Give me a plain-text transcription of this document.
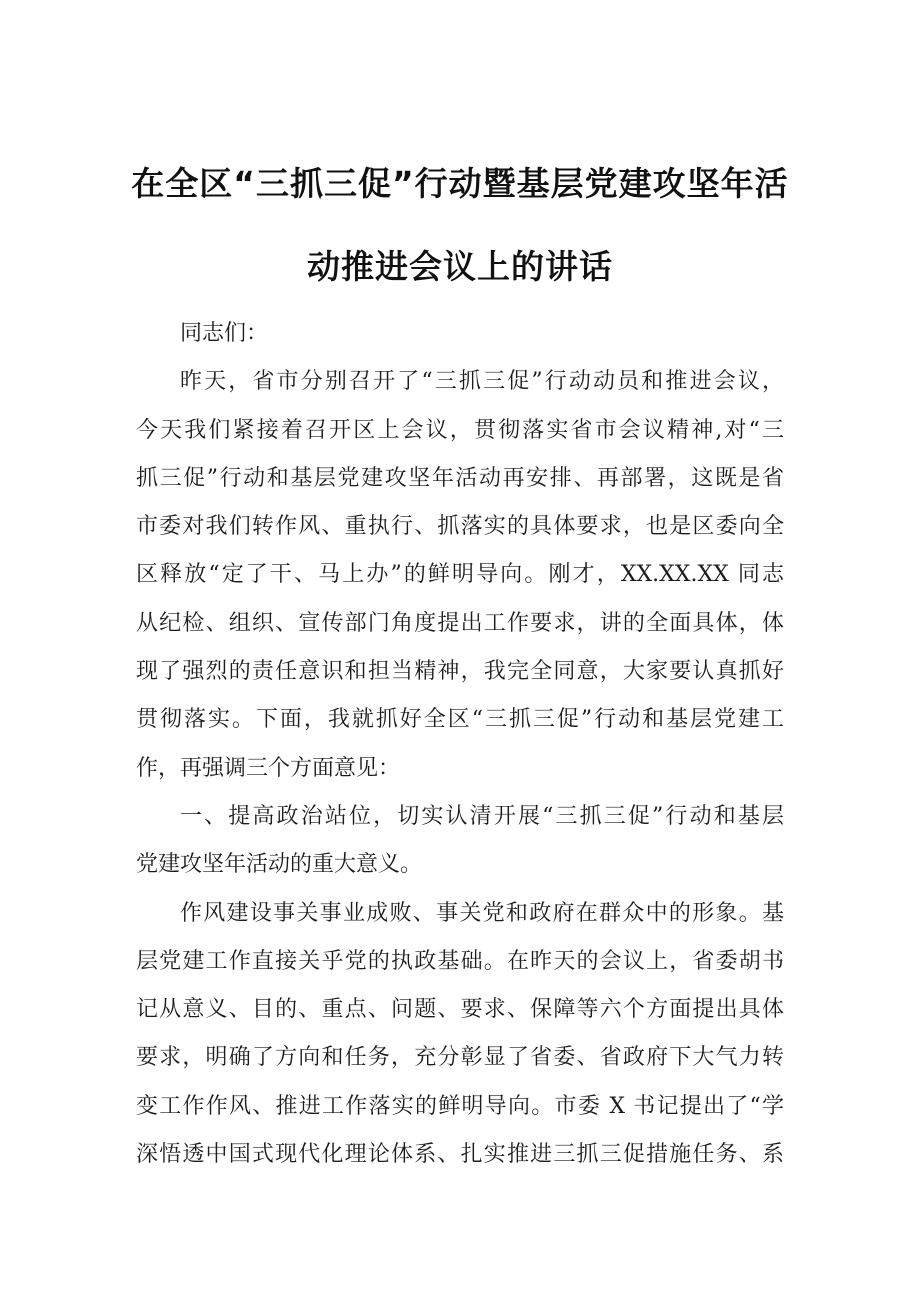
在全区“三抓三促”行动暨基层党建攻坚年活
动推进会议上的讲话
同志们：
昨天，省市分别召开了“三抓三促”行动动员和推进会议，
今天我们紧接着召开区上会议，贯彻落实省市会议精神,对“三
抓三促”行动和基层党建攻坚年活动再安排、再部署，这既是省
市委对我们转作风、重执行、抓落实的具体要求，也是区委向全
区释放“定了干、马上办”的鲜明导向。刚才，XX.XX.XX 同志
从纪检、组织、宣传部门角度提出工作要求，讲的全面具体，体
现了强烈的责任意识和担当精神，我完全同意，大家要认真抓好
贯彻落实。下面，我就抓好全区“三抓三促”行动和基层党建工
作，再强调三个方面意见：
一、提高政治站位，切实认清开展“三抓三促”行动和基层
党建攻坚年活动的重大意义。
作风建设事关事业成败、事关党和政府在群众中的形象。基
层党建工作直接关乎党的执政基础。在昨天的会议上，省委胡书
记从意义、目的、重点、问题、要求、保障等六个方面提出具体
要求，明确了方向和任务，充分彰显了省委、省政府下大气力转
变工作作风、推进工作落实的鲜明导向。市委 X 书记提出了“学
深悟透中国式现代化理论体系、扎实推进三抓三促措施任务、系
